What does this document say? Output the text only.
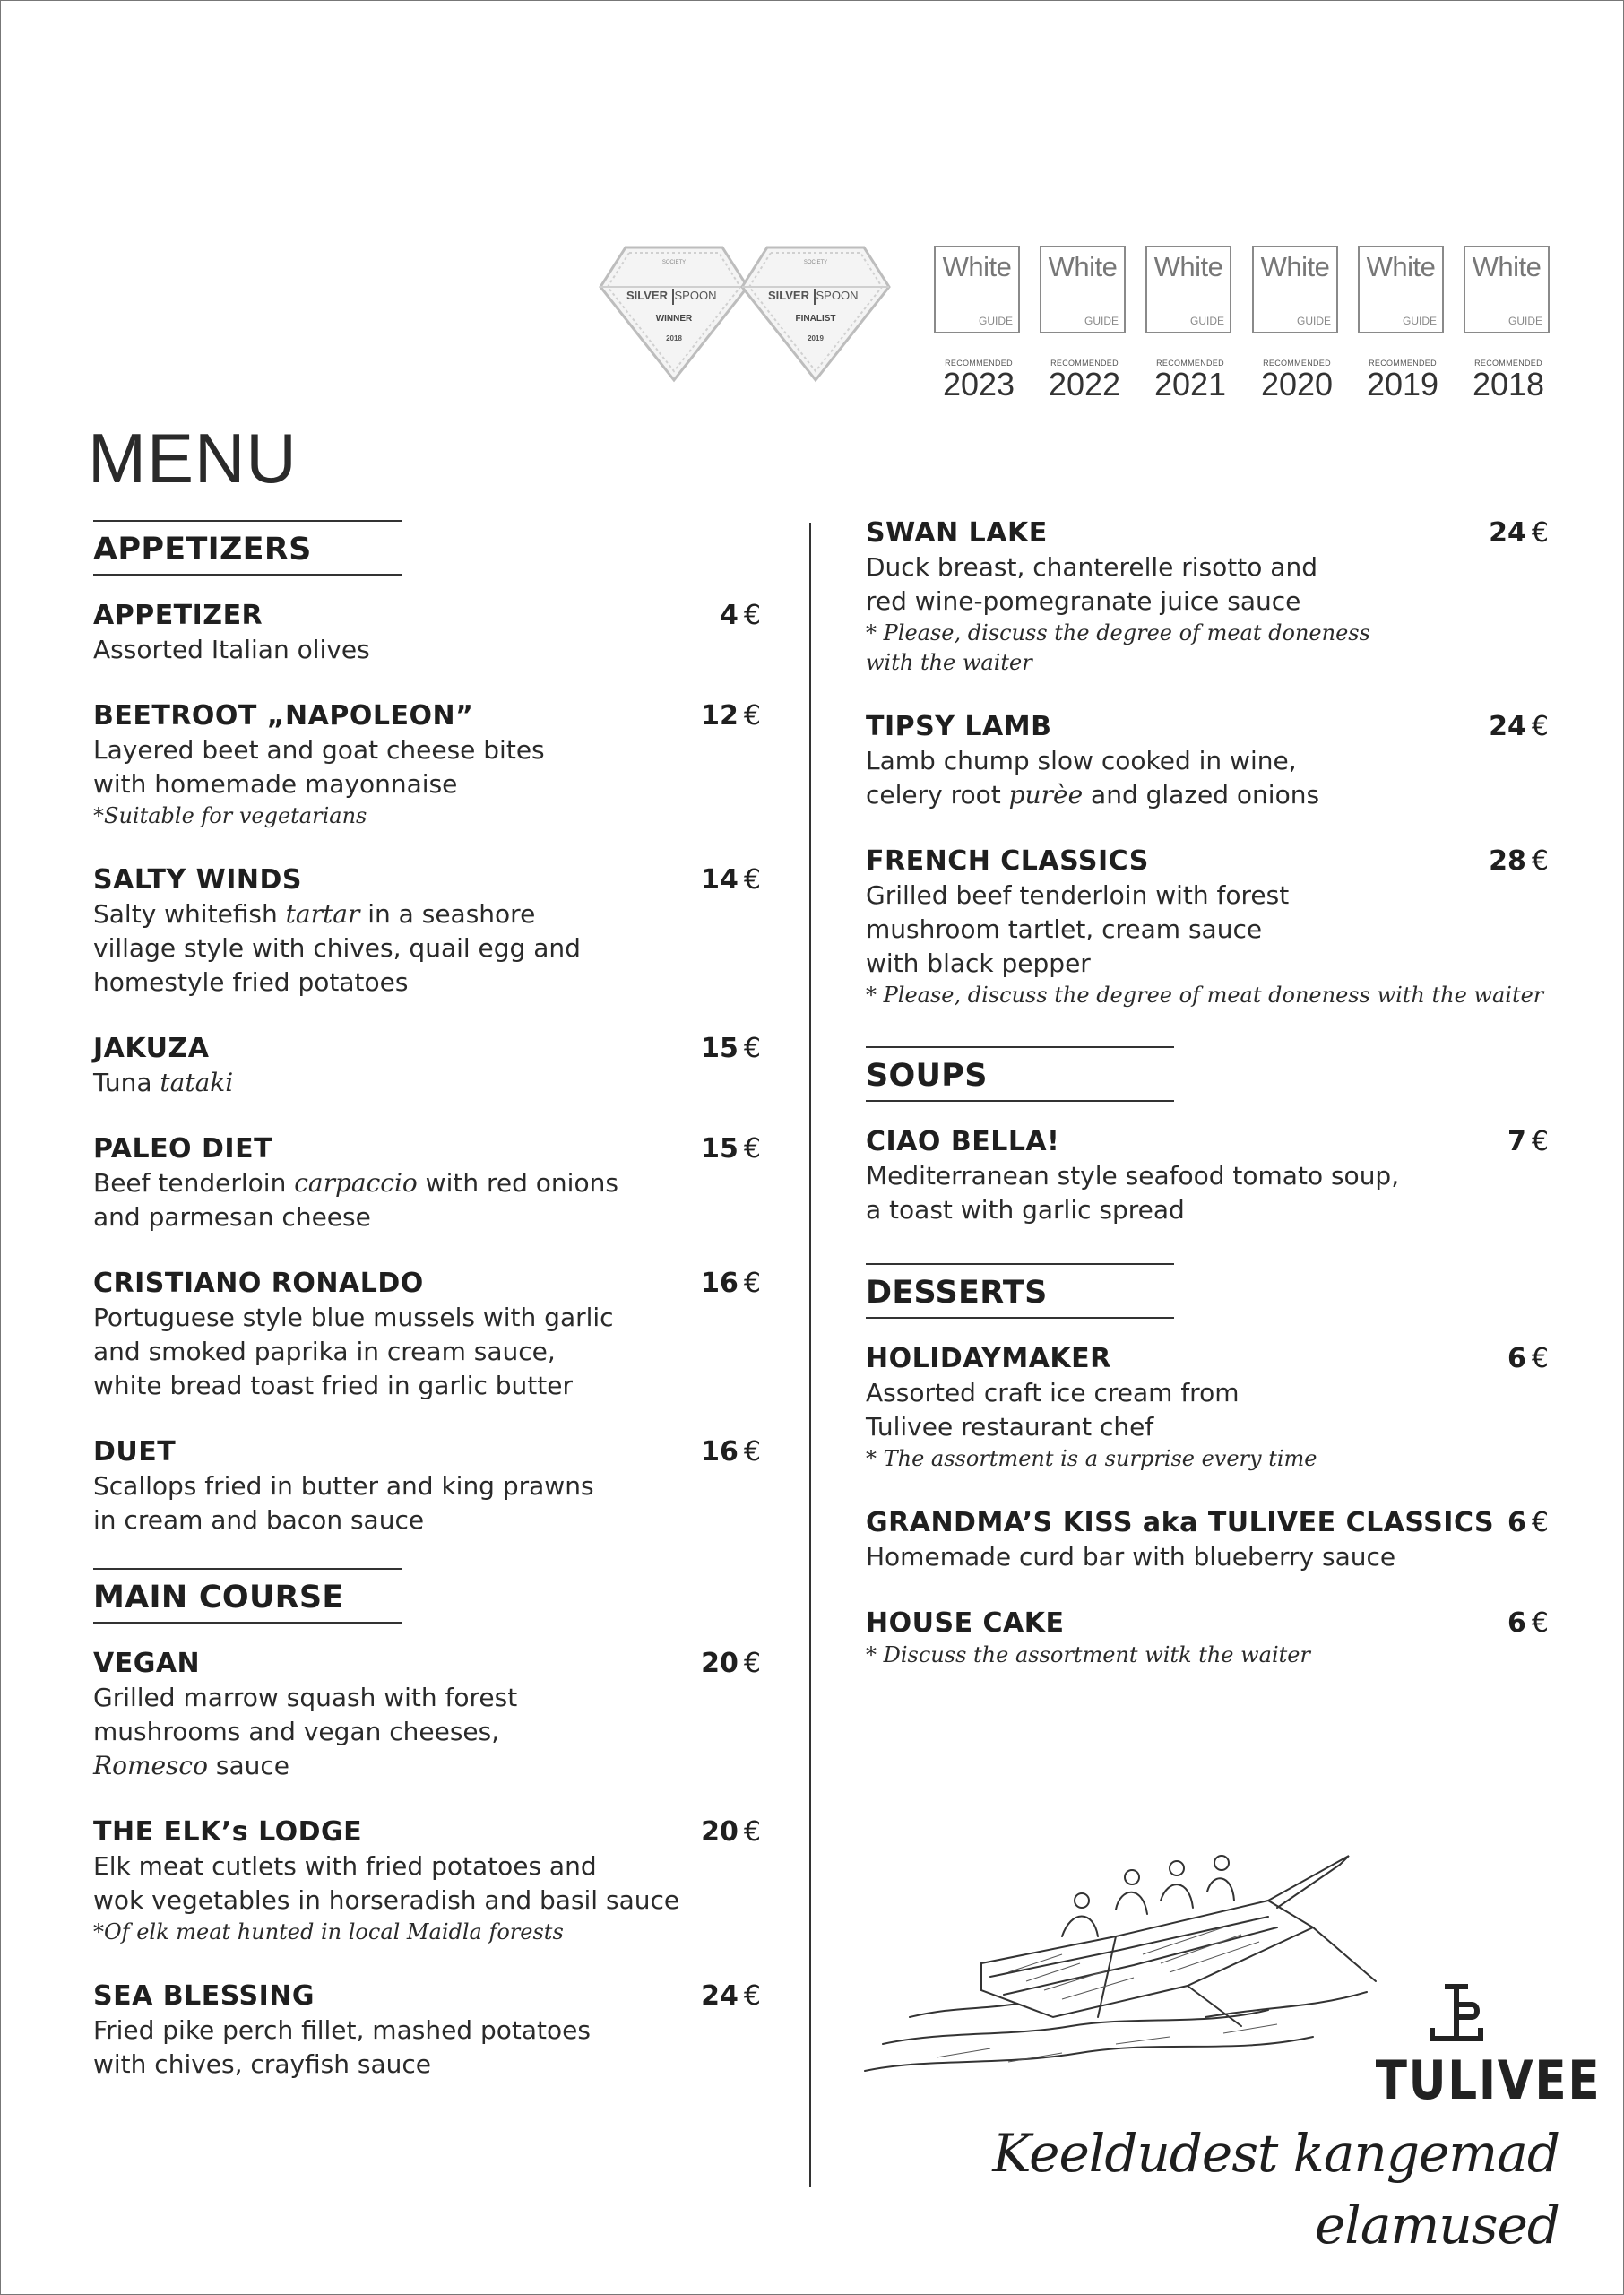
SOCIETY
SILVER SPOON
WINNER
2018
SOCIETY
SILVER SPOON
FINALIST
2019
White
GUIDE
RECOMMENDED
2023
White
GUIDE
RECOMMENDED
2022
White
GUIDE
RECOMMENDED
2021
White
GUIDE
RECOMMENDED
2020
White
GUIDE
RECOMMENDED
2019
White
GUIDE
RECOMMENDED
2018
MENU
APPETIZERS
APPETIZER	4 €
Assorted Italian olives
BEETROOT „NAPOLEON”	12 €
Layered beet and goat cheese bites
with homemade mayonnaise
*Suitable for vegetarians
SALTY WINDS	14 €
Salty whitefish tartar in a seashore
village style with chives, quail egg and
homestyle fried potatoes
JAKUZA	15 €
Tuna tataki
PALEO DIET	15 €
Beef tenderloin carpaccio with red onions
and parmesan cheese
CRISTIANO RONALDO	16 €
Portuguese style blue mussels with garlic
and smoked paprika in cream sauce,
white bread toast fried in garlic butter
DUET	16 €
Scallops fried in butter and king prawns
in cream and bacon sauce
MAIN COURSE
VEGAN	20 €
Grilled marrow squash with forest
mushrooms and vegan cheeses,
Romesco sauce
THE ELK’s LODGE	20 €
Elk meat cutlets with fried potatoes and
wok vegetables in horseradish and basil sauce
*Of elk meat hunted in local Maidla forests
SEA BLESSING	24 €
Fried pike perch fillet, mashed potatoes
with chives, crayfish sauce
SWAN LAKE	24 €
Duck breast, chanterelle risotto and
red wine-pomegranate juice sauce
* Please, discuss the degree of meat doneness
with the waiter
TIPSY LAMB	24 €
Lamb chump slow cooked in wine,
celery root purèe and glazed onions
FRENCH CLASSICS	28 €
Grilled beef tenderloin with forest
mushroom tartlet, cream sauce
with black pepper
* Please, discuss the degree of meat doneness with the waiter
SOUPS
CIAO BELLA!	7 €
Mediterranean style seafood tomato soup,
a toast with garlic spread
DESSERTS
HOLIDAYMAKER	6 €
Assorted craft ice cream from
Tulivee restaurant chef
* The assortment is a surprise every time
GRANDMA’S KISS aka TULIVEE CLASSICS 6 €
Homemade curd bar with blueberry sauce
HOUSE CAKE	6 €
* Discuss the assortment witk the waiter
TULIVEE
Keeldudest kangemad elamused
